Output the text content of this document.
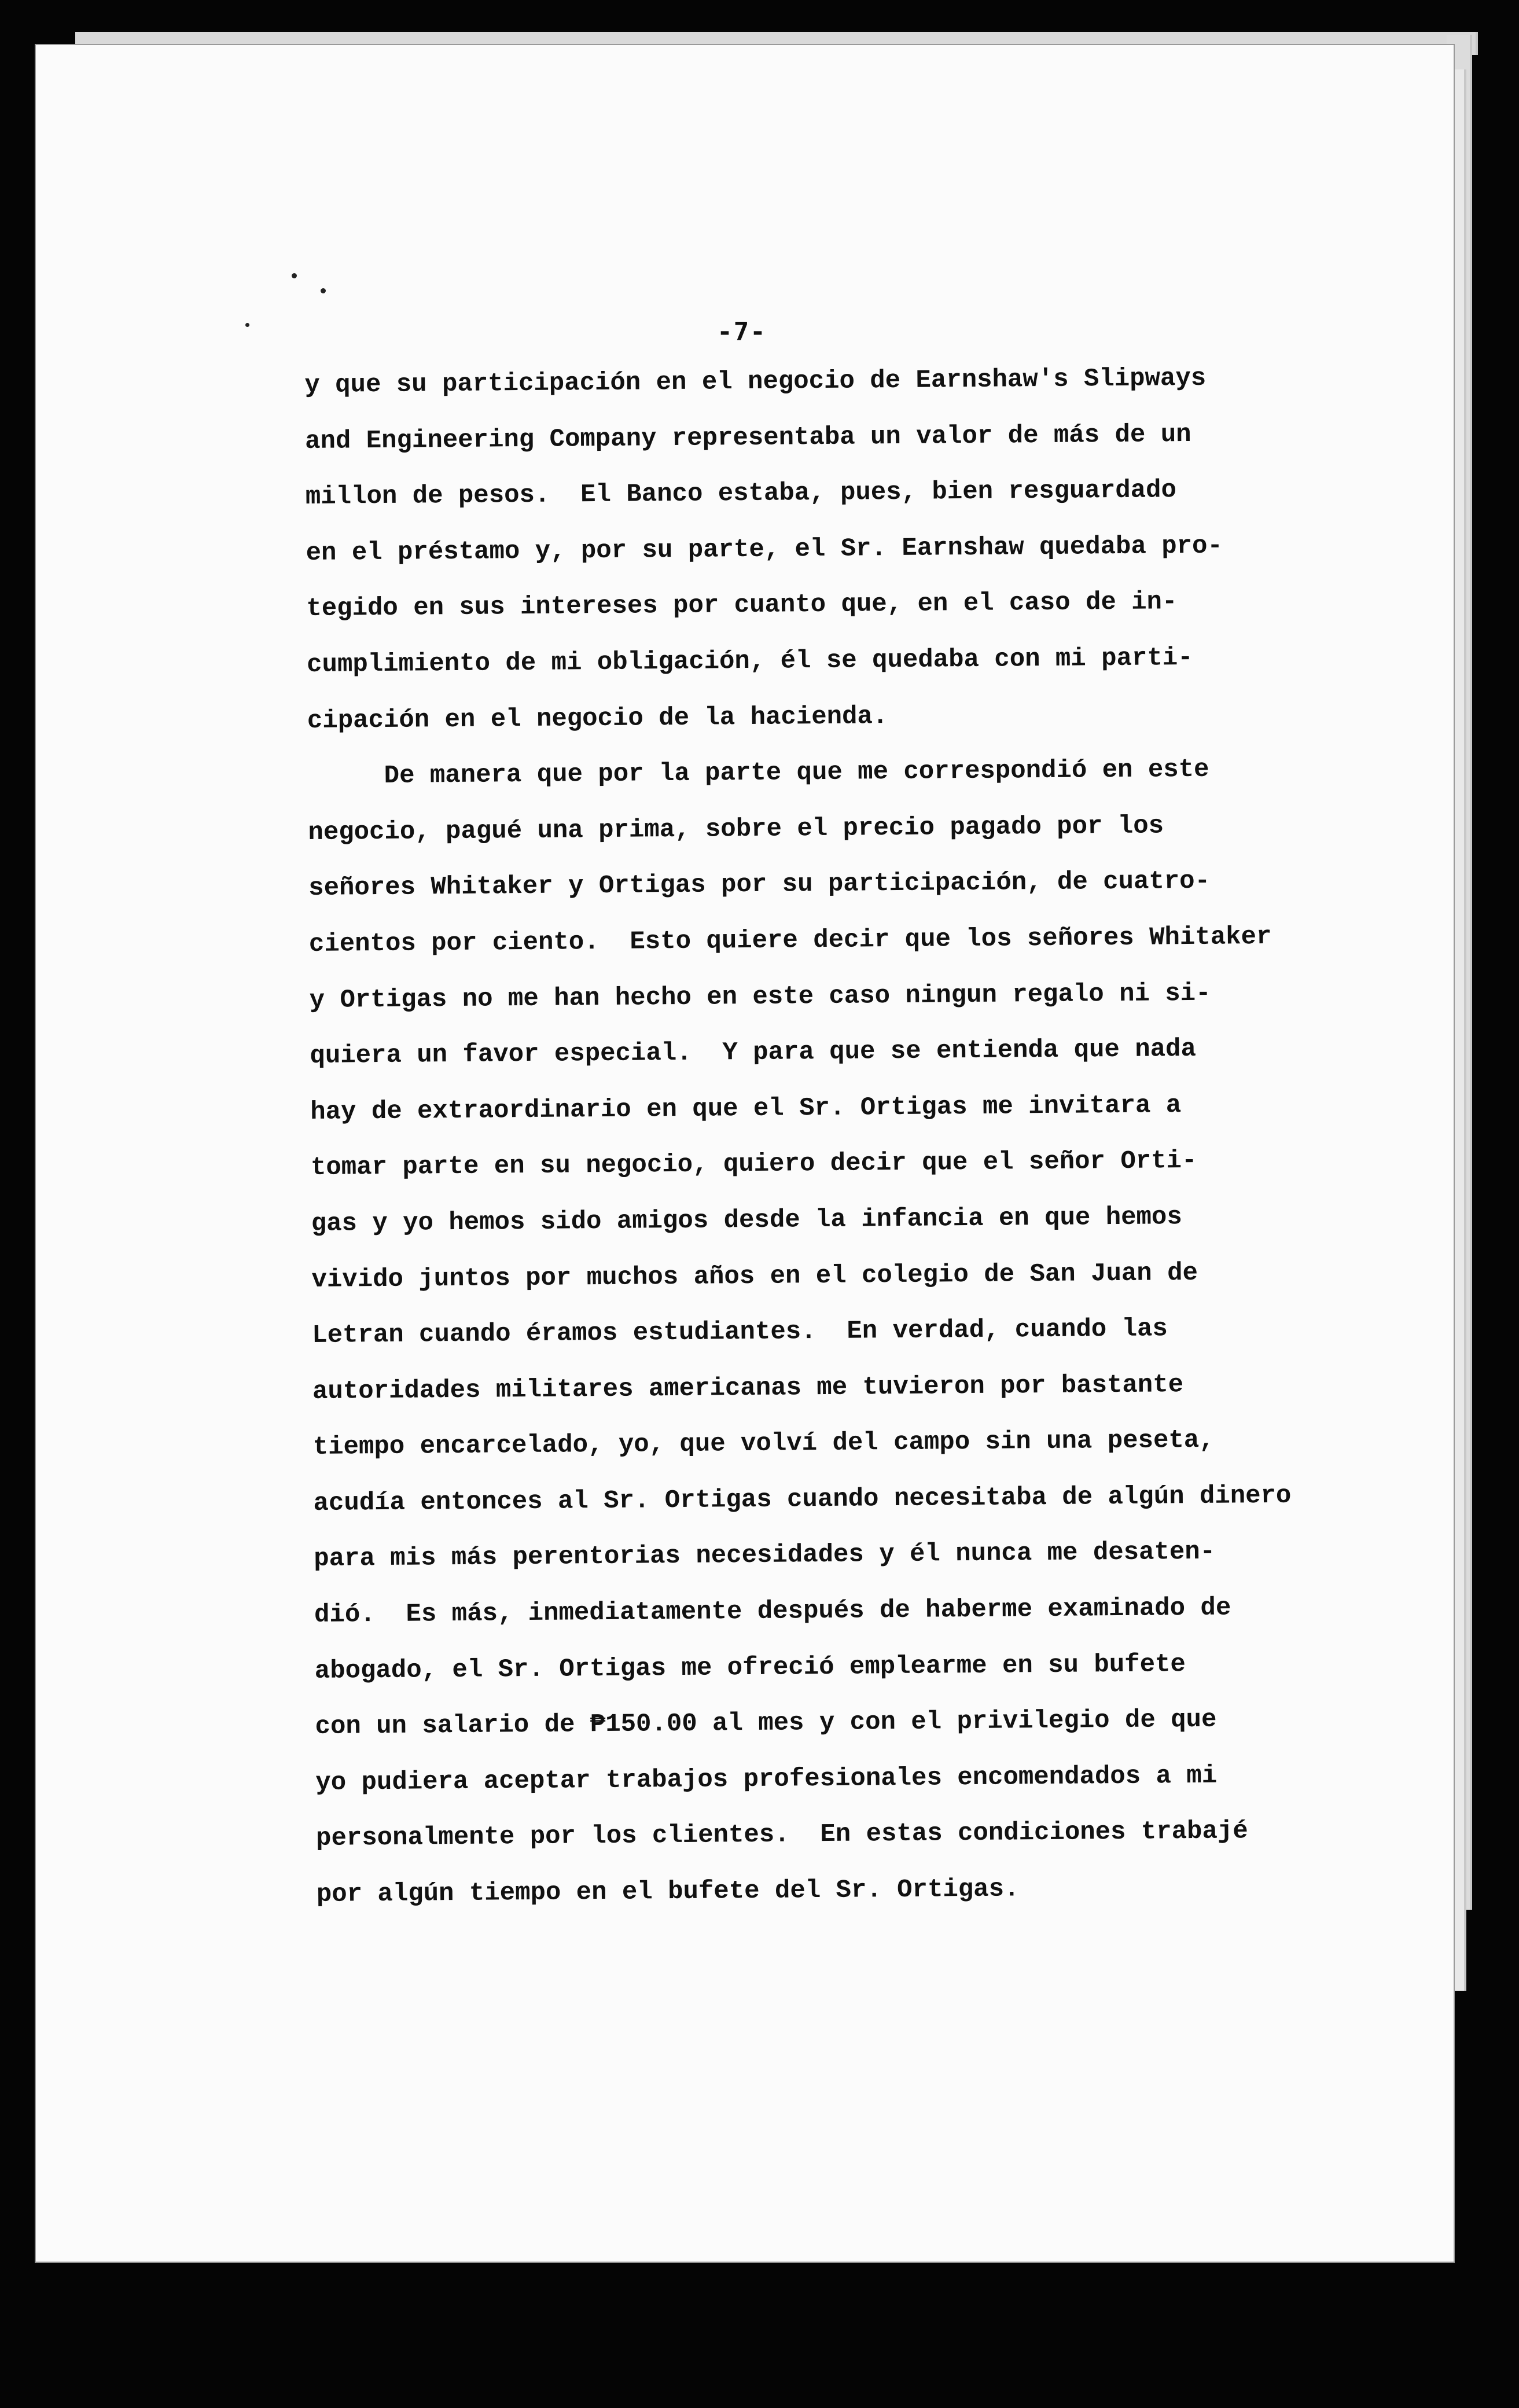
-7-
y que su participación en el negocio de Earnshaw's Slipways
and Engineering Company representaba un valor de más de un
millon de pesos.  El Banco estaba, pues, bien resguardado
en el préstamo y, por su parte, el Sr. Earnshaw quedaba pro-
tegido en sus intereses por cuanto que, en el caso de in-
cumplimiento de mi obligación, él se quedaba con mi parti-
cipación en el negocio de la hacienda.
De manera que por la parte que me correspondió en este
negocio, pagué una prima, sobre el precio pagado por los
señores Whitaker y Ortigas por su participación, de cuatro-
cientos por ciento.  Esto quiere decir que los señores Whitaker
y Ortigas no me han hecho en este caso ningun regalo ni si-
quiera un favor especial.  Y para que se entienda que nada
hay de extraordinario en que el Sr. Ortigas me invitara a
tomar parte en su negocio, quiero decir que el señor Orti-
gas y yo hemos sido amigos desde la infancia en que hemos
vivido juntos por muchos años en el colegio de San Juan de
Letran cuando éramos estudiantes.  En verdad, cuando las
autoridades militares americanas me tuvieron por bastante
tiempo encarcelado, yo, que volví del campo sin una peseta,
acudía entonces al Sr. Ortigas cuando necesitaba de algún dinero
para mis más perentorias necesidades y él nunca me desaten-
dió.  Es más, inmediatamente después de haberme examinado de
abogado, el Sr. Ortigas me ofreció emplearme en su bufete
con un salario de ₱150.00 al mes y con el privilegio de que
yo pudiera aceptar trabajos profesionales encomendados a mi
personalmente por los clientes.  En estas condiciones trabajé
por algún tiempo en el bufete del Sr. Ortigas.
